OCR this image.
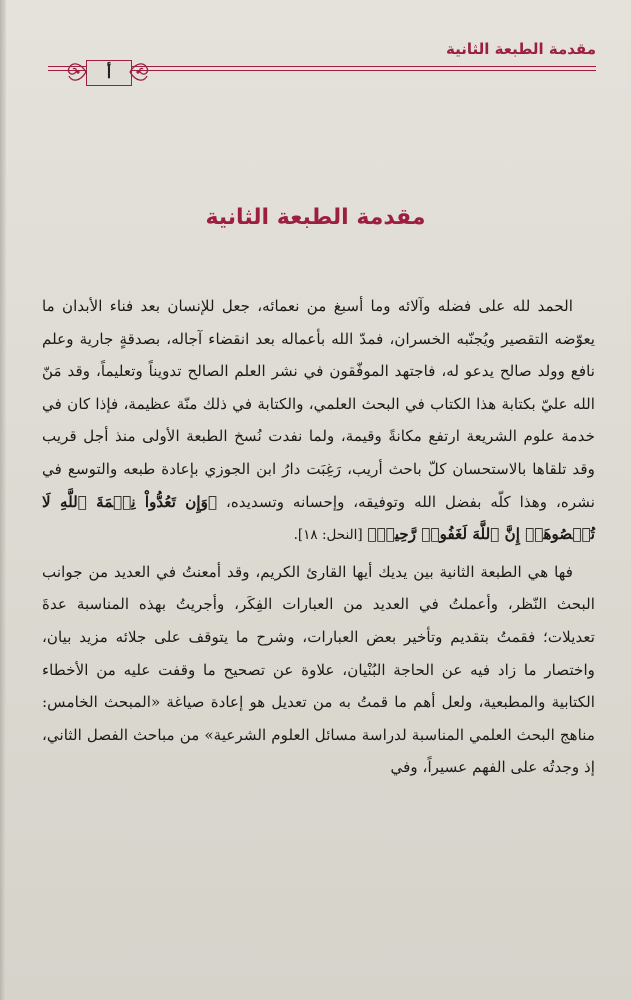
مقدمة الطبعة الثانية
أ
مقدمة الطبعة الثانية

الحمد لله على فضله وآلائه وما أسبغ من نعمائه، جعل للإنسان بعد فناء الأبدان ما يعوّضه التقصير ويُجنّبه الخسران، فمدّ الله بأعماله بعد انقضاء آجاله، بصدقةٍ جارية وعلم نافع وولد صالح يدعو له، فاجتهد الموفّقون في نشر العلم الصالح تدويناً وتعليماً، وقد مَنّ الله عليّ بكتابة هذا الكتاب في البحث العلمي، والكتابة في ذلك منّة عظيمة، فإذا كان في خدمة علوم الشريعة ارتفع مكانةً وقيمة، ولما نفدت نُسخ الطبعة الأولى منذ أجل قريب وقد تلقاها بالاستحسان كلّ باحث أريب، رَغِبَت دارُ ابن الجوزي بإعادة طبعه والتوسع في نشره، وهذا كلّه بفضل الله وتوفيقه، وإحسانه وتسديده، ﴿وَإِن تَعُدُّواْ نِعۡمَةَ ٱللَّهِ لَا تُحۡصُوهَآۗ إِنَّ ٱللَّهَ لَغَفُورٞ رَّحِيمٞ﴾ [النحل: ١٨].

فها هي الطبعة الثانية بين يديك أيها القارئ الكريم، وقد أمعنتُ في العديد من جوانب البحث النّظر، وأعملتُ في العديد من العبارات الفِكَر، وأجريتُ بهذه المناسبة عدةَ تعديلات؛ فقمتُ بتقديم وتأخير بعض العبارات، وشرح ما يتوقف على جلائه مزيد بيان، واختصار ما زاد فيه عن الحاجة البُنْيان، علاوة عن تصحيح ما وقفت عليه من الأخطاء الكتابية والمطبعية، ولعل أهم ما قمتُ به من تعديل هو إعادة صياغة «المبحث الخامس: مناهج البحث العلمي المناسبة لدراسة مسائل العلوم الشرعية» من مباحث الفصل الثاني، إذ وجدتُه على الفهم عسيراً، وفي
